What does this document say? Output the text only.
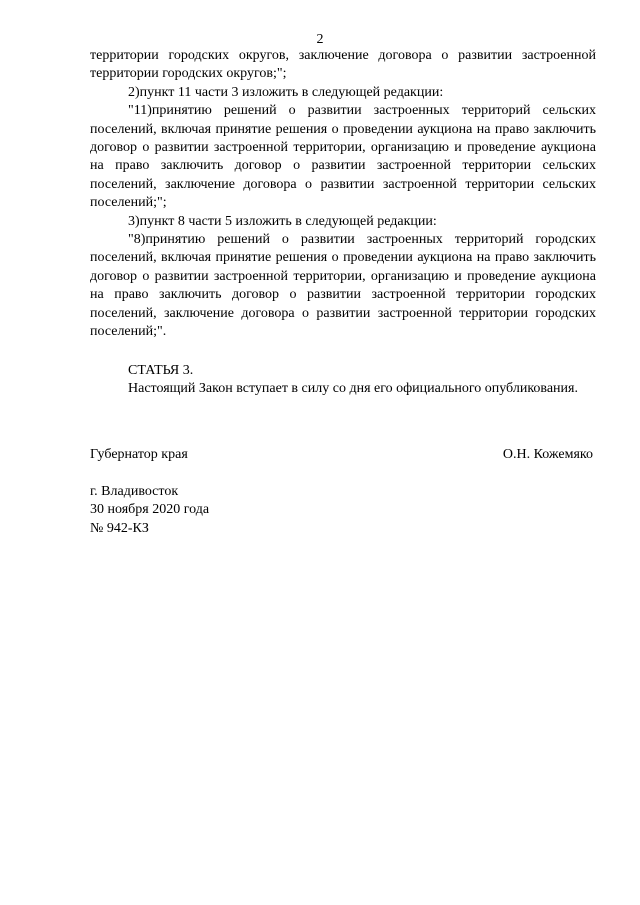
2

территории городских округов, заключение договора о развитии застроенной территории городских округов;";

2)пункт 11 части 3 изложить в следующей редакции:

"11)принятию решений о развитии застроенных территорий сельских поселений, включая принятие решения о проведении аукциона на право заключить договор о развитии застроенной территории, организацию и проведение аукциона на право заключить договор о развитии застроенной территории сельских поселений, заключение договора о развитии застроенной территории сельских поселений;";

3)пункт 8 части 5 изложить в следующей редакции:

"8)принятию решений о развитии застроенных территорий городских поселений, включая принятие решения о проведении аукциона на право заключить договор о развитии застроенной территории, организацию и проведение аукциона на право заключить договор о развитии застроенной территории городских поселений, заключение договора о развитии застроенной территории городских поселений;".

СТАТЬЯ 3.

Настоящий Закон вступает в силу со дня его официального опубликования.

Губернатор края	О.Н. Кожемяко
г. Владивосток
30 ноября 2020 года
№ 942-КЗ
